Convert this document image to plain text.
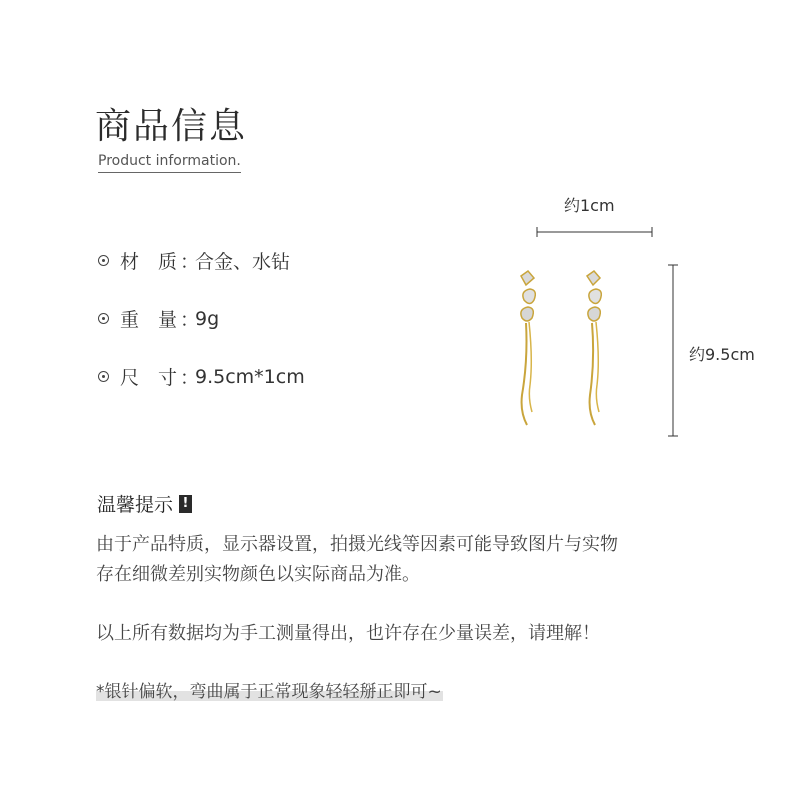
商品信息
Product information.
材　质 ：
合金、水钻
重　量 ：
9g
尺　寸 ：
9.5cm*1cm
约1cm
约9.5cm
温馨提示 !
由于产品特质，显示器设置，拍摄光线等因素可能导致图片与实物
存在细微差别实物颜色以实际商品为准。
以上所有数据均为手工测量得出，也许存在少量误差，请理解！
*银针偏软，弯曲属于正常现象轻轻掰正即可~
